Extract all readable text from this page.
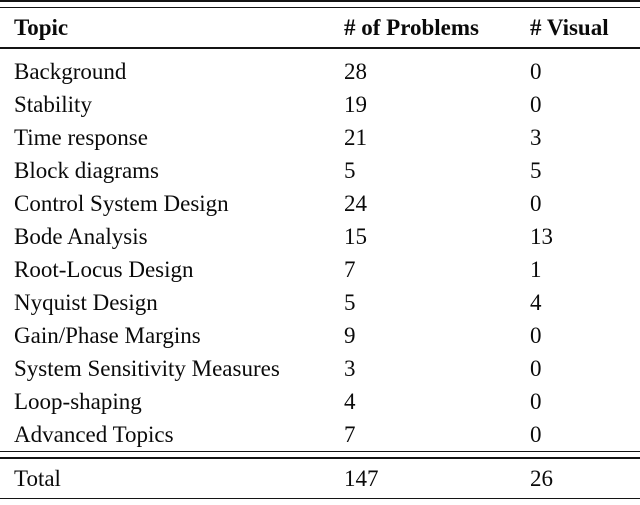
Topic	# of Problems	# Visual
Background	28	0
Stability	19	0
Time response	21	3
Block diagrams	5	5
Control System Design	24	0
Bode Analysis	15	13
Root-Locus Design	7	1
Nyquist Design	5	4
Gain/Phase Margins	9	0
System Sensitivity Measures	3	0
Loop-shaping	4	0
Advanced Topics	7	0
Total	147	26
